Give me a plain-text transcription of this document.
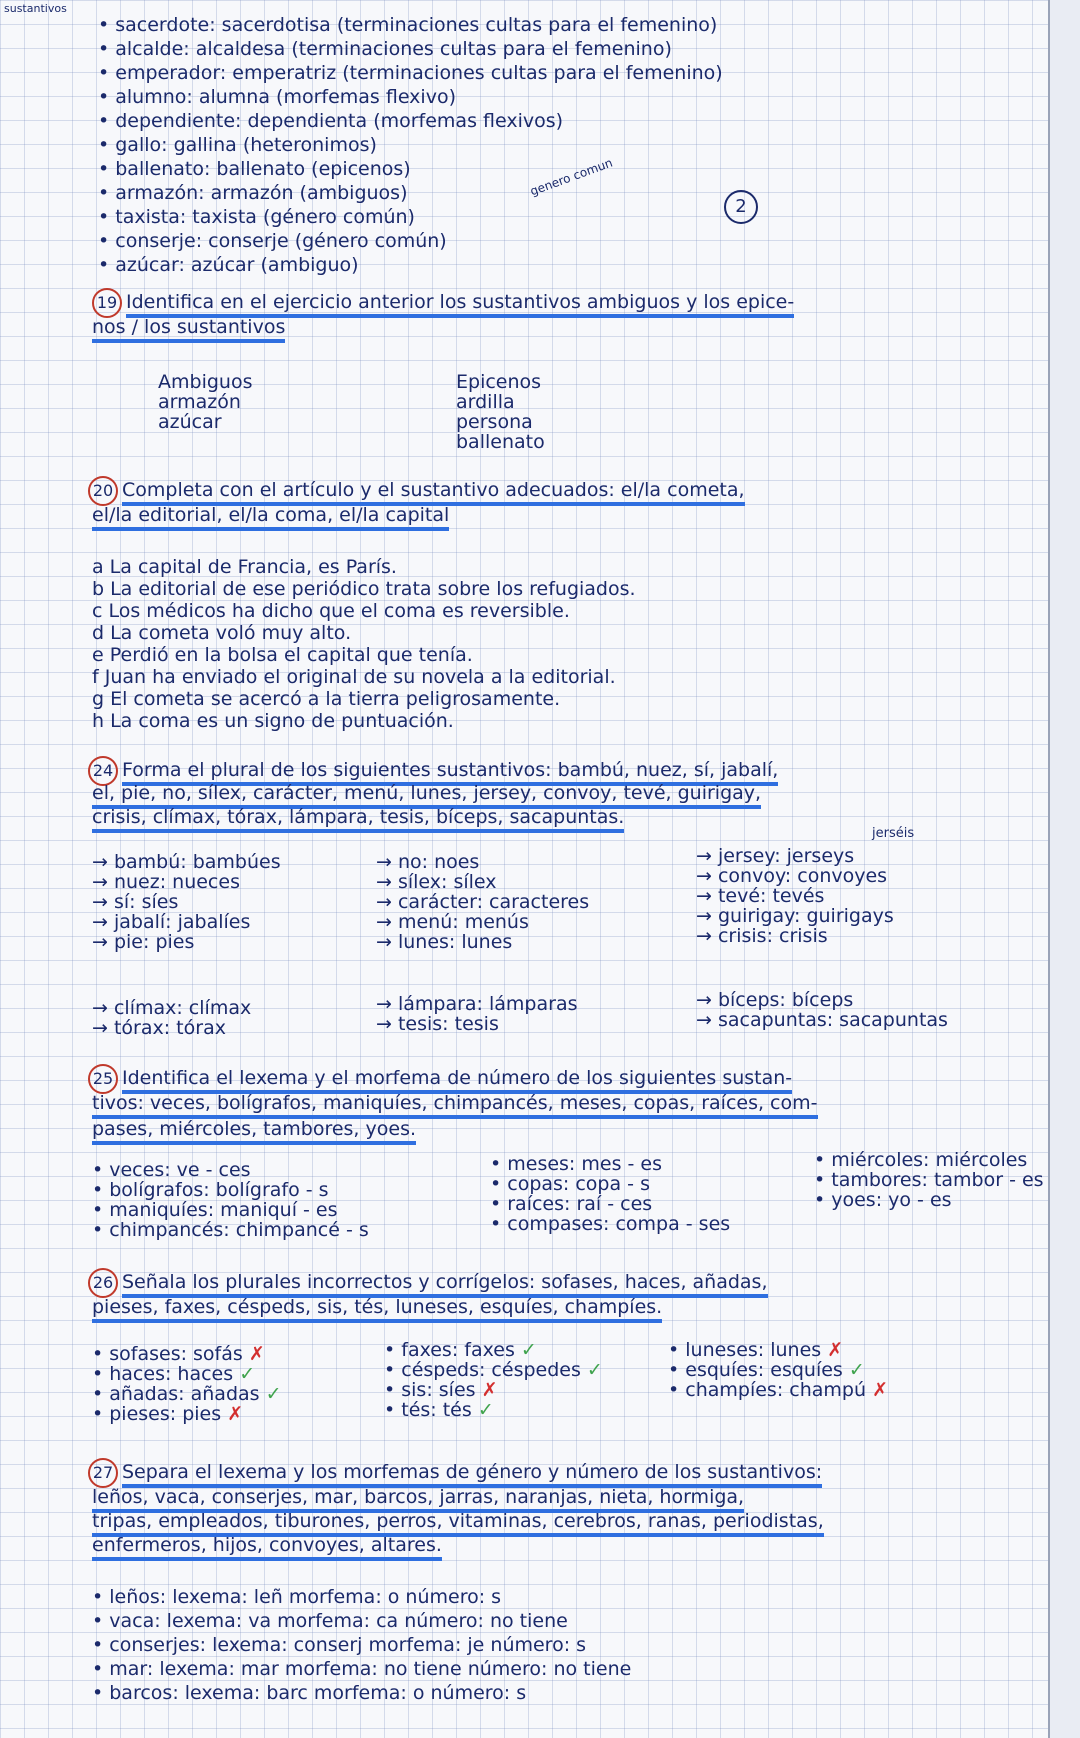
sustantivos
• sacerdote: sacerdotisa (terminaciones cultas para el femenino)
• alcalde: alcaldesa (terminaciones cultas para el femenino)
• emperador: emperatriz (terminaciones cultas para el femenino)
• alumno: alumna (morfemas flexivo)
• dependiente: dependienta (morfemas flexivos)
• gallo: gallina (heteronimos)
• ballenato: ballenato (epicenos)
• armazón: armazón (ambiguos)
• taxista: taxista (género común)
• conserje: conserje (género común)
• azúcar: azúcar (ambiguo)
genero comun
2
19 Identifica en el ejercicio anterior los sustantivos ambiguos y los epice-
nos / los sustantivos
Ambiguos
armazón
azúcar
Epicenos
ardilla
persona
ballenato
20 Completa con el artículo y el sustantivo adecuados: el/la cometa,
el/la editorial, el/la coma, el/la capital
a La capital de Francia, es París.
b La editorial de ese periódico trata sobre los refugiados.
c Los médicos ha dicho que el coma es reversible.
d La cometa voló muy alto.
e Perdió en la bolsa el capital que tenía.
f Juan ha enviado el original de su novela a la editorial.
g El cometa se acercó a la tierra peligrosamente.
h La coma es un signo de puntuación.
24 Forma el plural de los siguientes sustantivos: bambú, nuez, sí, jabalí,
el, pie, no, sílex, carácter, menú, lunes, jersey, convoy, tevé, guirigay,
crisis, clímax, tórax, lámpara, tesis, bíceps, sacapuntas.
jerséis
→ bambú: bambúes
→ nuez: nueces
→ sí: síes
→ jabalí: jabalíes
→ pie: pies
→ no: noes
→ sílex: sílex
→ carácter: caracteres
→ menú: menús
→ lunes: lunes
→ jersey: jerseys
→ convoy: convoyes
→ tevé: tevés
→ guirigay: guirigays
→ crisis: crisis
→ clímax: clímax
→ tórax: tórax
→ lámpara: lámparas
→ tesis: tesis
→ bíceps: bíceps
→ sacapuntas: sacapuntas
25 Identifica el lexema y el morfema de número de los siguientes sustan-
tivos: veces, bolígrafos, maniquíes, chimpancés, meses, copas, raíces, com-
pases, miércoles, tambores, yoes.
• veces: ve - ces
• bolígrafos: bolígrafo - s
• maniquíes: maniquí - es
• chimpancés: chimpancé - s
• meses: mes - es
• copas: copa - s
• raíces: raí - ces
• compases: compa - ses
• miércoles: miércoles
• tambores: tambor - es
• yoes: yo - es
26 Señala los plurales incorrectos y corrígelos: sofases, haces, añadas,
pieses, faxes, céspeds, sis, tés, luneses, esquíes, champíes.
• sofases: sofás ✗
• haces: haces ✓
• añadas: añadas ✓
• pieses: pies ✗
• faxes: faxes ✓
• céspeds: céspedes ✓
• sis: síes ✗
• tés: tés ✓
• luneses: lunes ✗
• esquíes: esquíes ✓
• champíes: champú ✗
27 Separa el lexema y los morfemas de género y número de los sustantivos:
leños, vaca, conserjes, mar, barcos, jarras, naranjas, nieta, hormiga,
tripas, empleados, tiburones, perros, vitaminas, cerebros, ranas, periodistas,
enfermeros, hijos, convoyes, altares.
• leños: lexema: leñ morfema: o número: s
• vaca: lexema: va morfema: ca número: no tiene
• conserjes: lexema: conserj morfema: je número: s
• mar: lexema: mar morfema: no tiene número: no tiene
• barcos: lexema: barc morfema: o número: s
